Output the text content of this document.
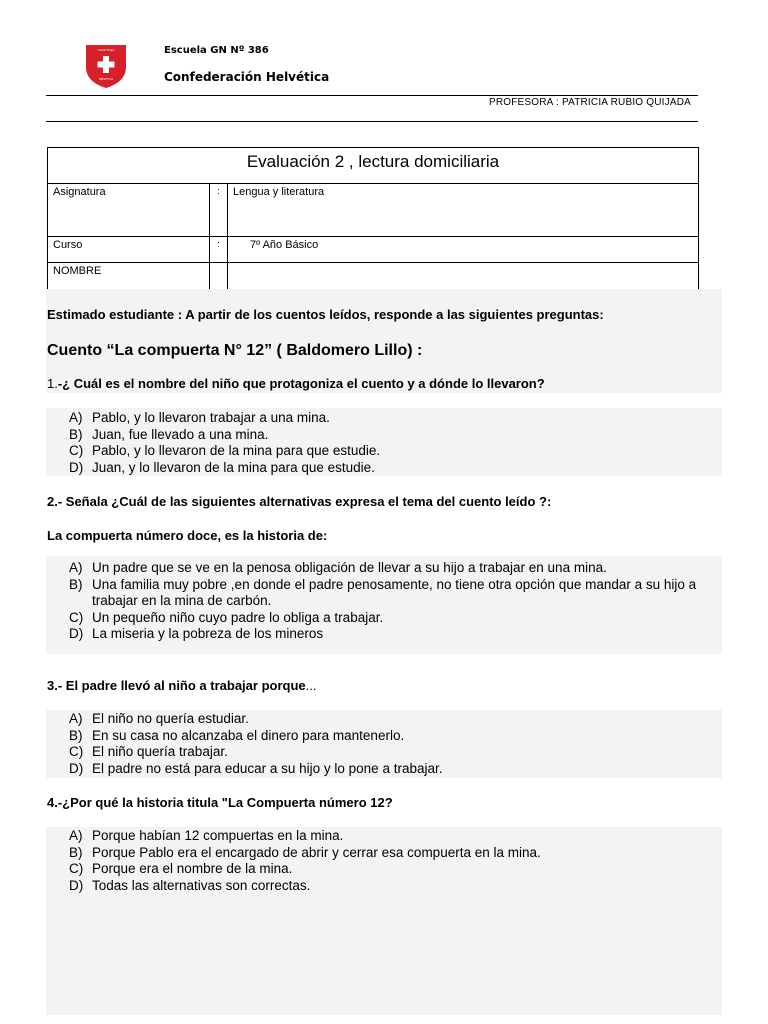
CRUZ ROJA
HELVETICA
Escuela GN Nº 386
Confederación Helvética
PROFESORA : PATRICIA RUBIO QUIJADA
Evaluación 2 , lectura domiciliaria		
Asignatura	:	Lengua y literatura
Curso	:	7º Año Básico
NOMBRE		
Estimado estudiante : A partir de los cuentos leídos, responde a las siguientes preguntas:
Cuento “La compuerta N° 12” ( Baldomero Lillo) :
1.-¿ Cuál es el nombre del niño que protagoniza el cuento y a dónde lo llevaron?
A) Pablo, y lo llevaron trabajar a una mina.
B) Juan, fue llevado a una mina.
C) Pablo, y lo llevaron de la mina para que estudie.
D) Juan, y lo llevaron de la mina para que estudie.
2.- Señala ¿Cuál de las siguientes alternativas expresa el tema del cuento leído ?:
La compuerta número doce, es la historia de:
A) Un padre que se ve en la penosa obligación de llevar a su hijo a trabajar en una mina.
B) Una familia muy pobre ,en donde el padre penosamente, no tiene otra opción que mandar a su hijo a trabajar en la mina de carbón.
C) Un pequeño niño cuyo padre lo obliga a trabajar.
D) La miseria y la pobreza de los mineros
3.- El padre llevó al niño a trabajar porque...
A) El niño no quería estudiar.
B) En su casa no alcanzaba el dinero para mantenerlo.
C) El niño quería trabajar.
D) El padre no está para educar a su hijo y lo pone a trabajar.
4.-¿Por qué la historia titula "La Compuerta número 12?
A) Porque habían 12 compuertas en la mina.
B) Porque Pablo era el encargado de abrir y cerrar esa compuerta en la mina.
C) Porque era el nombre de la mina.
D) Todas las alternativas son correctas.
